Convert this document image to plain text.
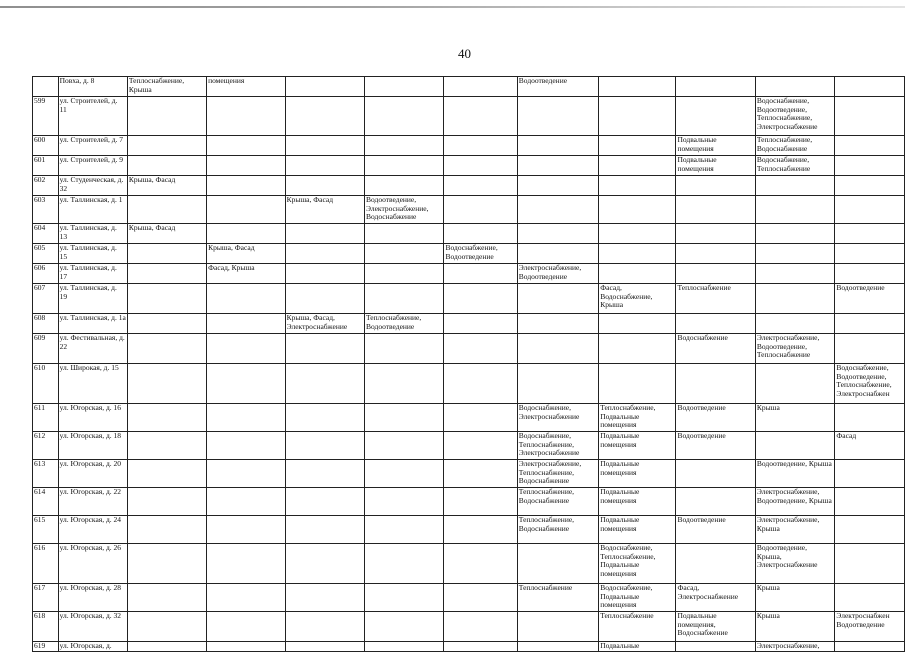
40
	Повха, д. 8	Теплоснабжение, Крыша	помещения				Водоотведение				
599	ул. Строителей, д. 11									Водоснабжение, Водоотведение, Теплоснабжение, Электроснабжение	
600	ул. Строителей, д. 7								Подвальные помещения	Теплоснабжение, Водоснабжение	
601	ул. Строителей, д. 9								Подвальные помещения	Водоснабжение, Теплоснабжение	
602	ул. Студенческая, д. 32	Крыша, Фасад									
603	ул. Таллинская, д. 1			Крыша, Фасад	Водоотведение, Электроснабжение, Водоснабжение						
604	ул. Таллинская, д. 13	Крыша, Фасад									
605	ул. Таллинская, д. 15		Крыша, Фасад			Водоснабжение, Водоотведение					
606	ул. Таллинская, д. 17		Фасад, Крыша				Электроснабжение, Водоотведение				
607	ул. Таллинская, д. 19							Фасад, Водоснабжение, Крыша	Теплоснабжение		Водоотведение
608	ул. Таллинская, д. 1а			Крыша, Фасад, Электроснабжение	Теплоснабжение, Водоотведение						
609	ул. Фестивальная, д. 22								Водоснабжение	Электроснабжение, Водоотведение, Теплоснабжение	
610	ул. Широкая, д. 15										Водоснабжение, Водоотведение, Теплоснабжение, Электроснабжен
611	ул. Югорская, д. 16						Водоснабжение, Электроснабжение	Теплоснабжение, Подвальные помещения	Водоотведение	Крыша	
612	ул. Югорская, д. 18						Водоснабжение, Теплоснабжение, Электроснабжение	Подвальные помещения	Водоотведение		Фасад
613	ул. Югорская, д. 20						Электроснабжение, Теплоснабжение, Водоснабжение	Подвальные помещения		Водоотведение, Крыша	
614	ул. Югорская, д. 22						Теплоснабжение, Водоснабжение	Подвальные помещения		Электроснабжение, Водоотведение, Крыша	
615	ул. Югорская, д. 24						Теплоснабжение, Водоснабжение	Подвальные помещения	Водоотведение	Электроснабжение, Крыша	
616	ул. Югорская, д. 26							Водоснабжение, Теплоснабжение, Подвальные помещения		Водоотведение, Крыша, Электроснабжение	
617	ул. Югорская, д. 28						Теплоснабжение	Водоснабжение, Подвальные помещения	Фасад, Электроснабжение	Крыша	
618	ул. Югорская, д. 32							Теплоснабжение	Подвальные помещения, Водоснабжение	Крыша	Электроснабжен Водоотведение
619	ул. Югорская, д.							Подвальные		Электроснабжение,	
